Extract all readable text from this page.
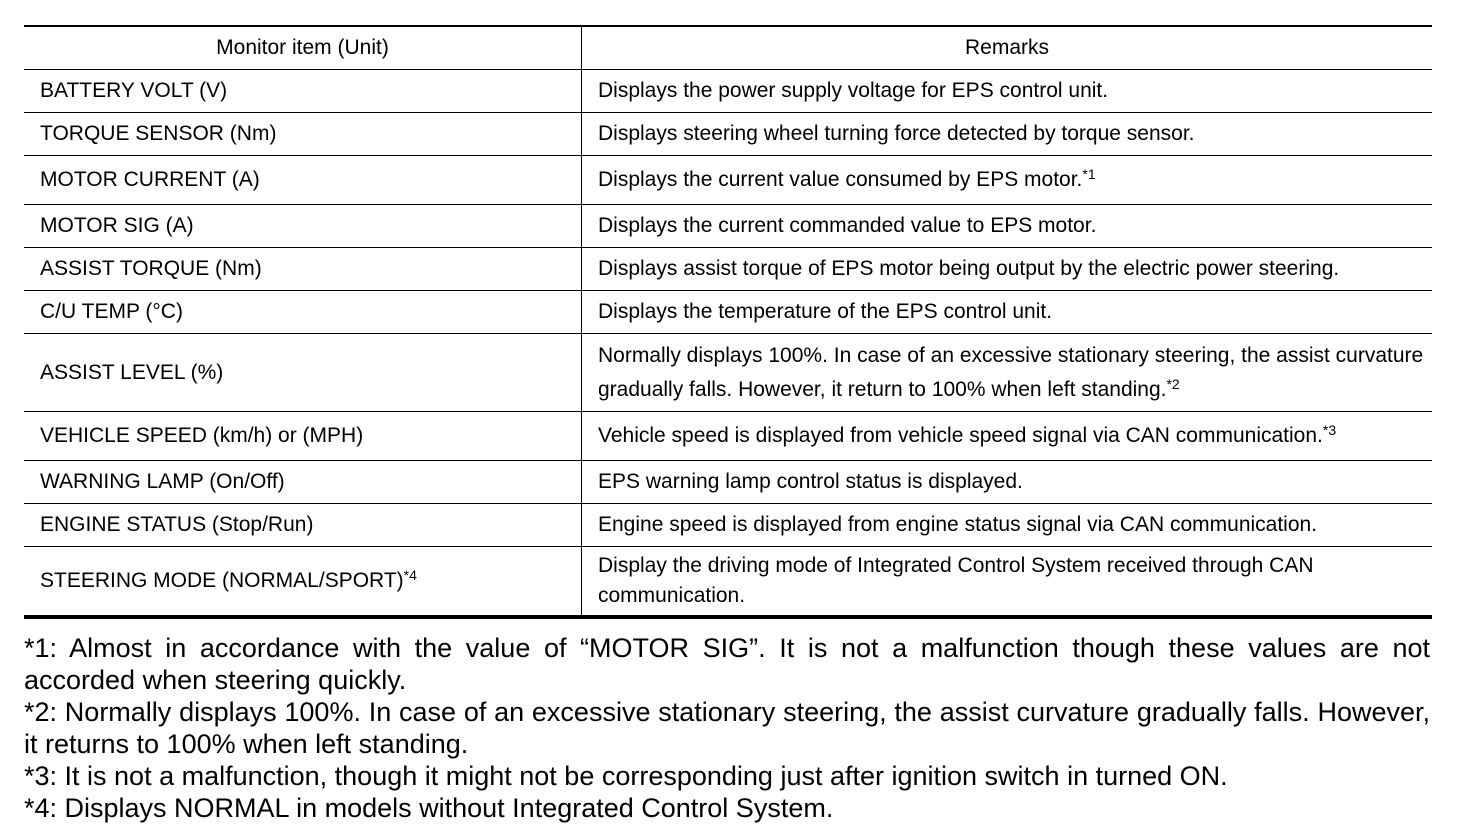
Monitor item (Unit)	Remarks
BATTERY VOLT (V)	Displays the power supply voltage for EPS control unit.
TORQUE SENSOR (Nm)	Displays steering wheel turning force detected by torque sensor.
MOTOR CURRENT (A)	Displays the current value consumed by EPS motor.$^{*1}$
MOTOR SIG (A)	Displays the current commanded value to EPS motor.
ASSIST TORQUE (Nm)	Displays assist torque of EPS motor being output by the electric power steering.
C/U TEMP (°C)	Displays the temperature of the EPS control unit.
ASSIST LEVEL (%)	Normally displays 100%. In case of an excessive stationary steering, the assist curvature gradually falls. However, it return to 100% when left standing.$^{*2}$
VEHICLE SPEED (km/h) or (MPH)	Vehicle speed is displayed from vehicle speed signal via CAN communication.$^{*3}$
WARNING LAMP (On/Off)	EPS warning lamp control status is displayed.
ENGINE STATUS (Stop/Run)	Engine speed is displayed from engine status signal via CAN communication.
STEERING MODE (NORMAL/SPORT)$^{*4}$	Display the driving mode of Integrated Control System received through CAN communication.

*1: Almost in accordance with the value of “MOTOR SIG”. It is not a malfunction though these values are not accorded when steering quickly.

*2: Normally displays 100%. In case of an excessive stationary steering, the assist curvature gradually falls. However, it returns to 100% when left standing.

*3: It is not a malfunction, though it might not be corresponding just after ignition switch in turned ON.

*4: Displays NORMAL in models without Integrated Control System.
